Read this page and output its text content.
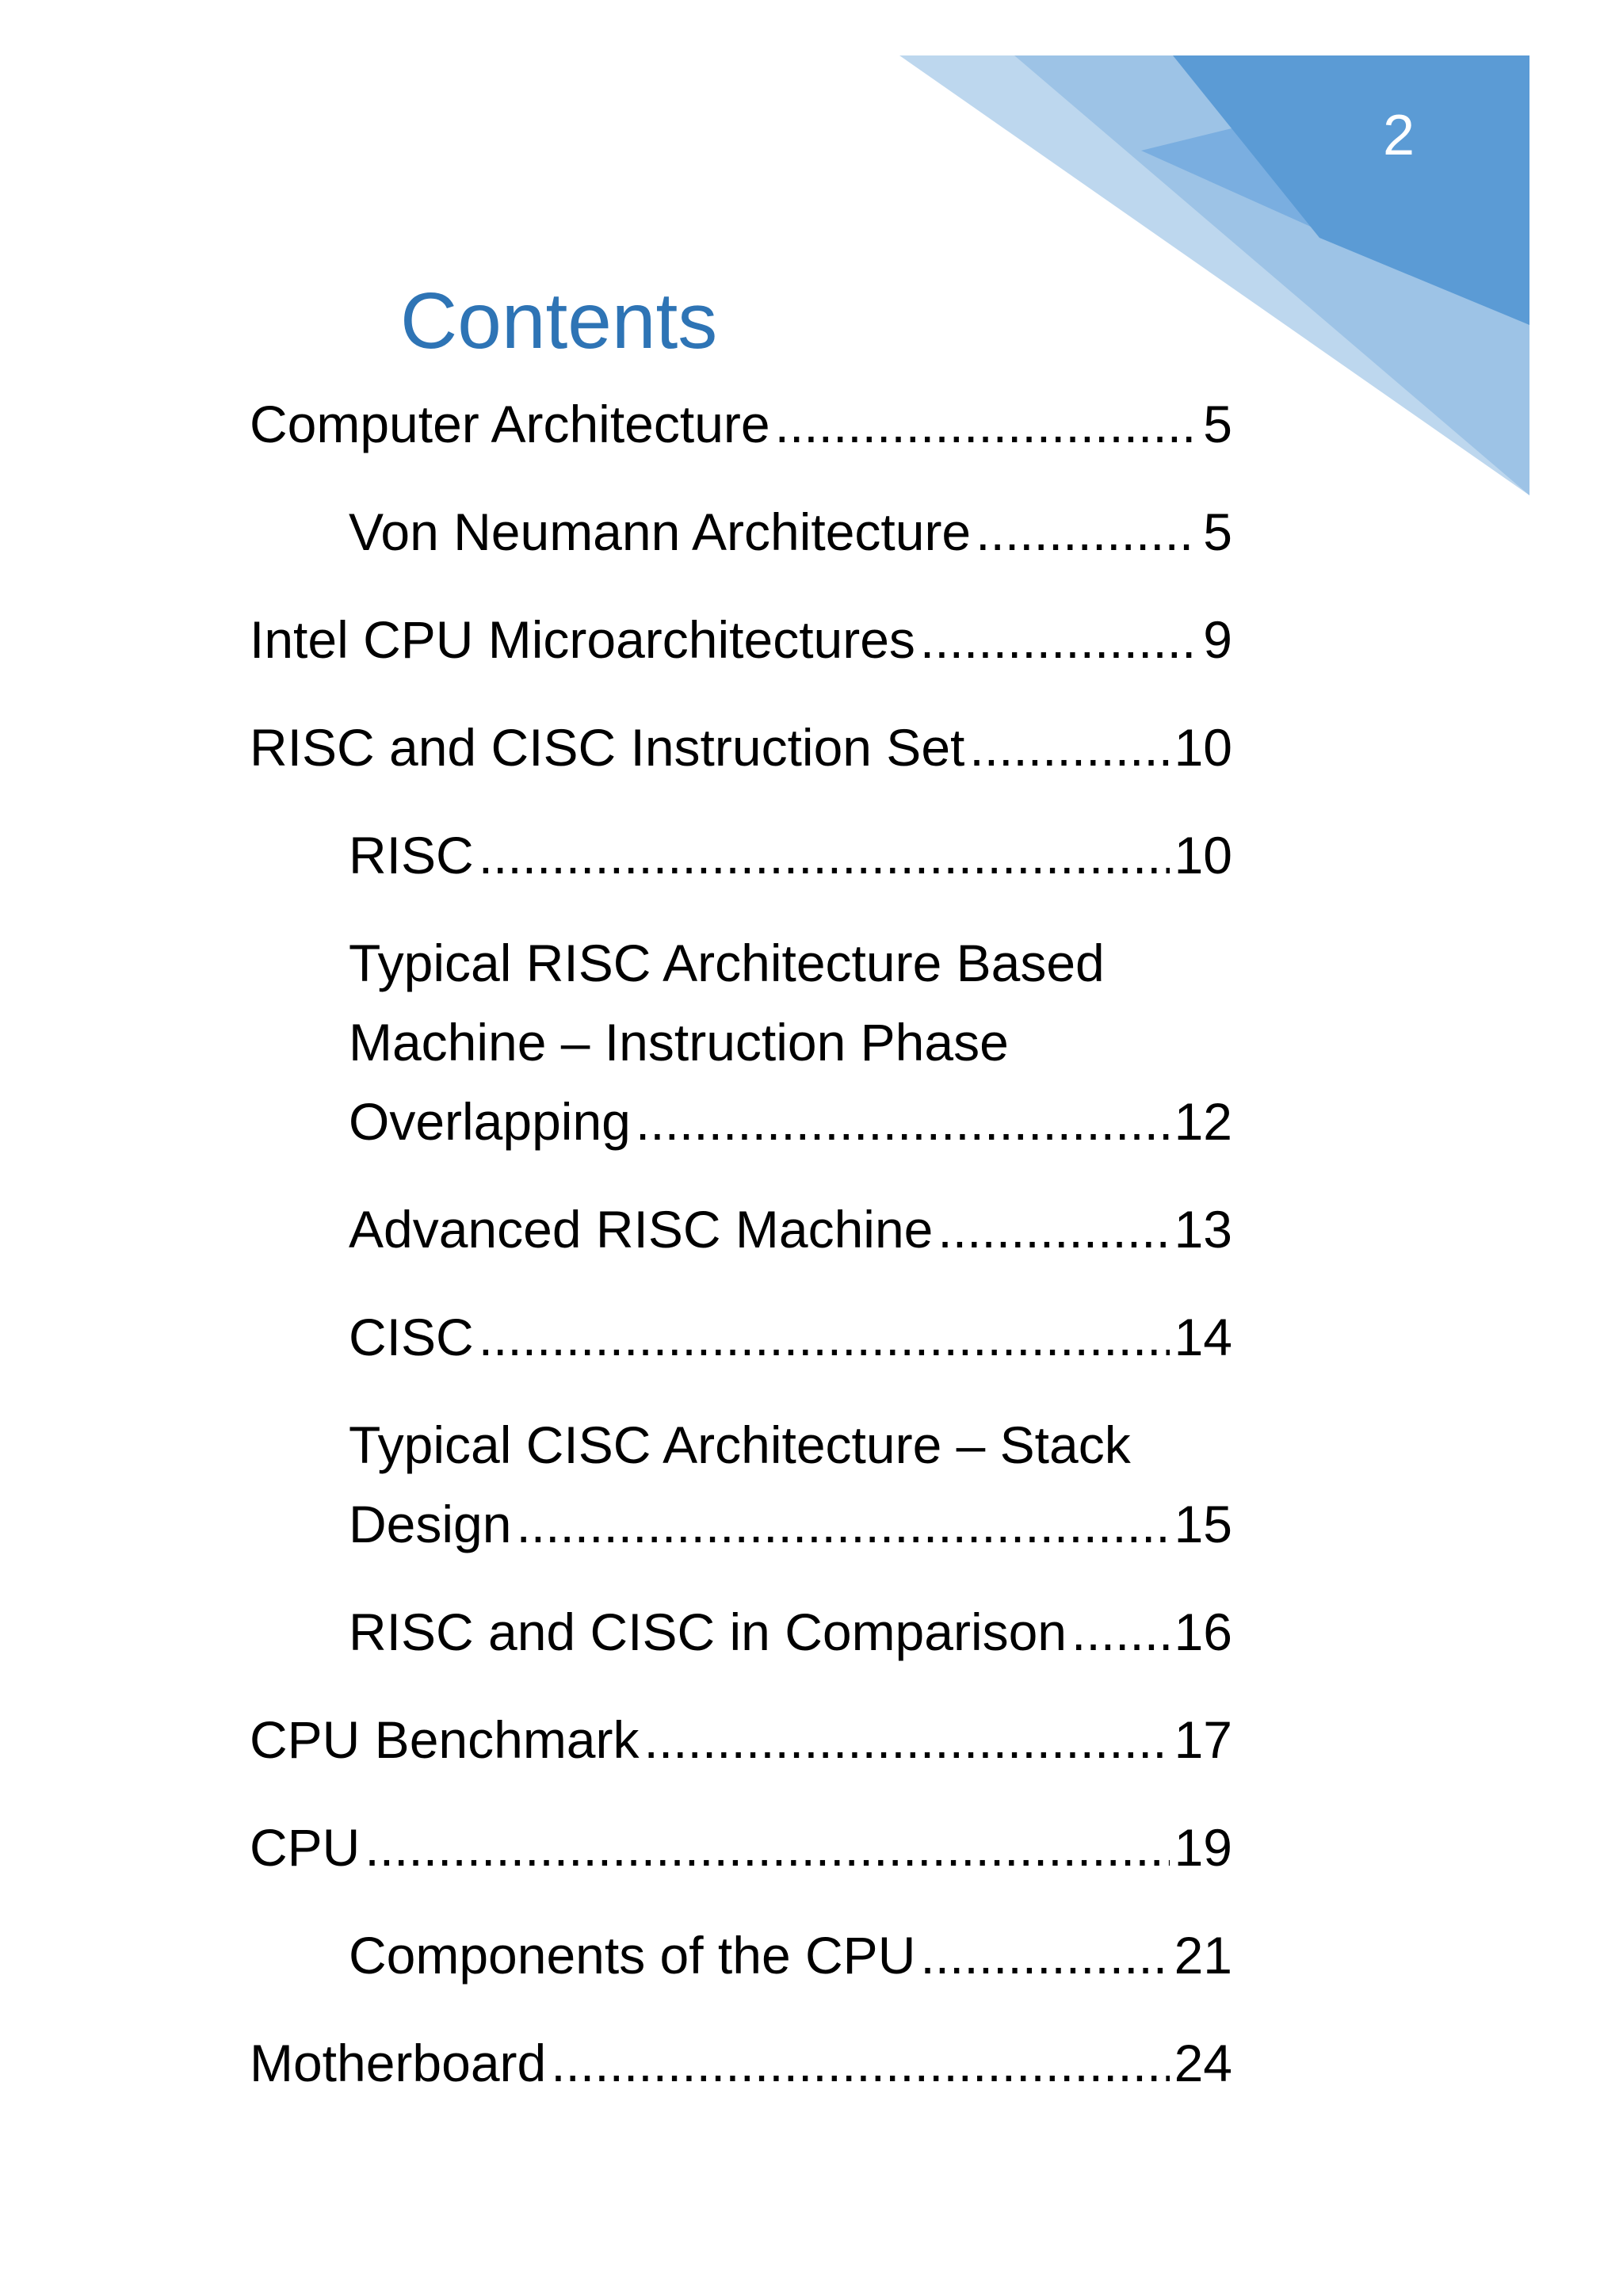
2
Contents
Computer Architecture .....	5
Von Neumann Architecture .....	5
Intel CPU Microarchitectures .....	9
RISC and CISC Instruction Set .....	10
RISC .....	10
Typical RISC Architecture Based
Machine – Instruction Phase
Overlapping .....	12
Advanced RISC Machine .....	13
CISC .....	14
Typical CISC Architecture – Stack
Design .....	15
RISC and CISC in Comparison ..... 16
CPU Benchmark .....	17
CPU .....	19
Components of the CPU .....	21
Motherboard .....	24
